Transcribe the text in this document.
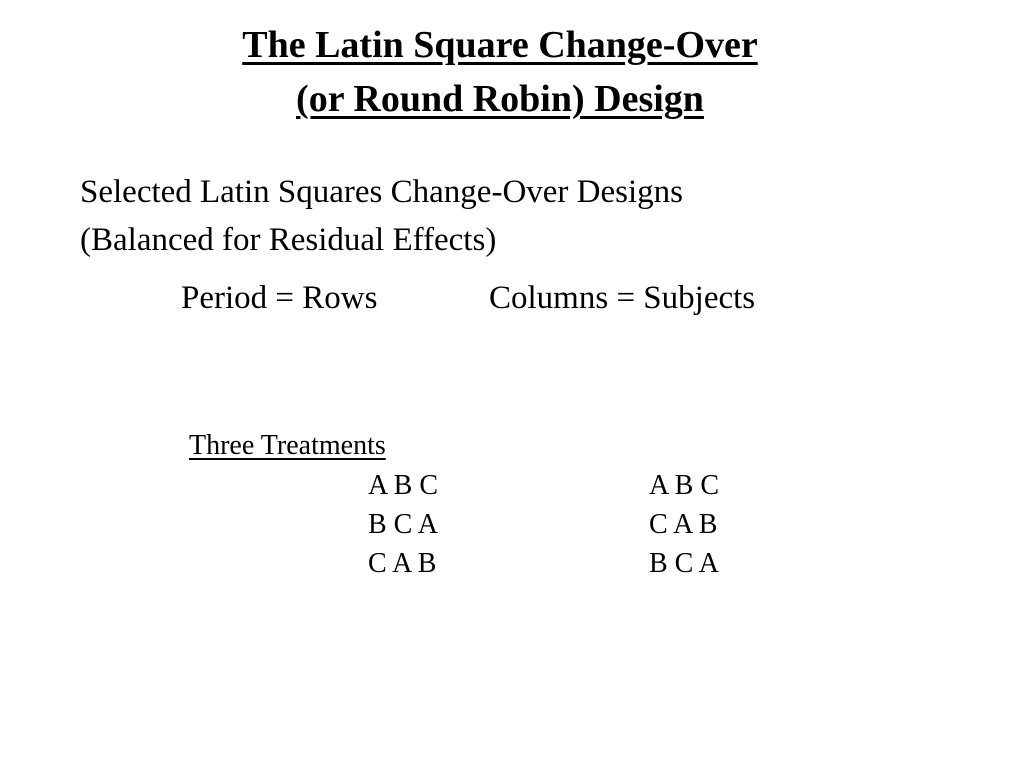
The Latin Square Change-Over
(or Round Robin) Design
Selected Latin Squares Change-Over Designs
(Balanced for Residual Effects)
Period = Rows	Columns = Subjects
Three Treatments
A B C
B C A
C A B
A B C
C A B
B C A
